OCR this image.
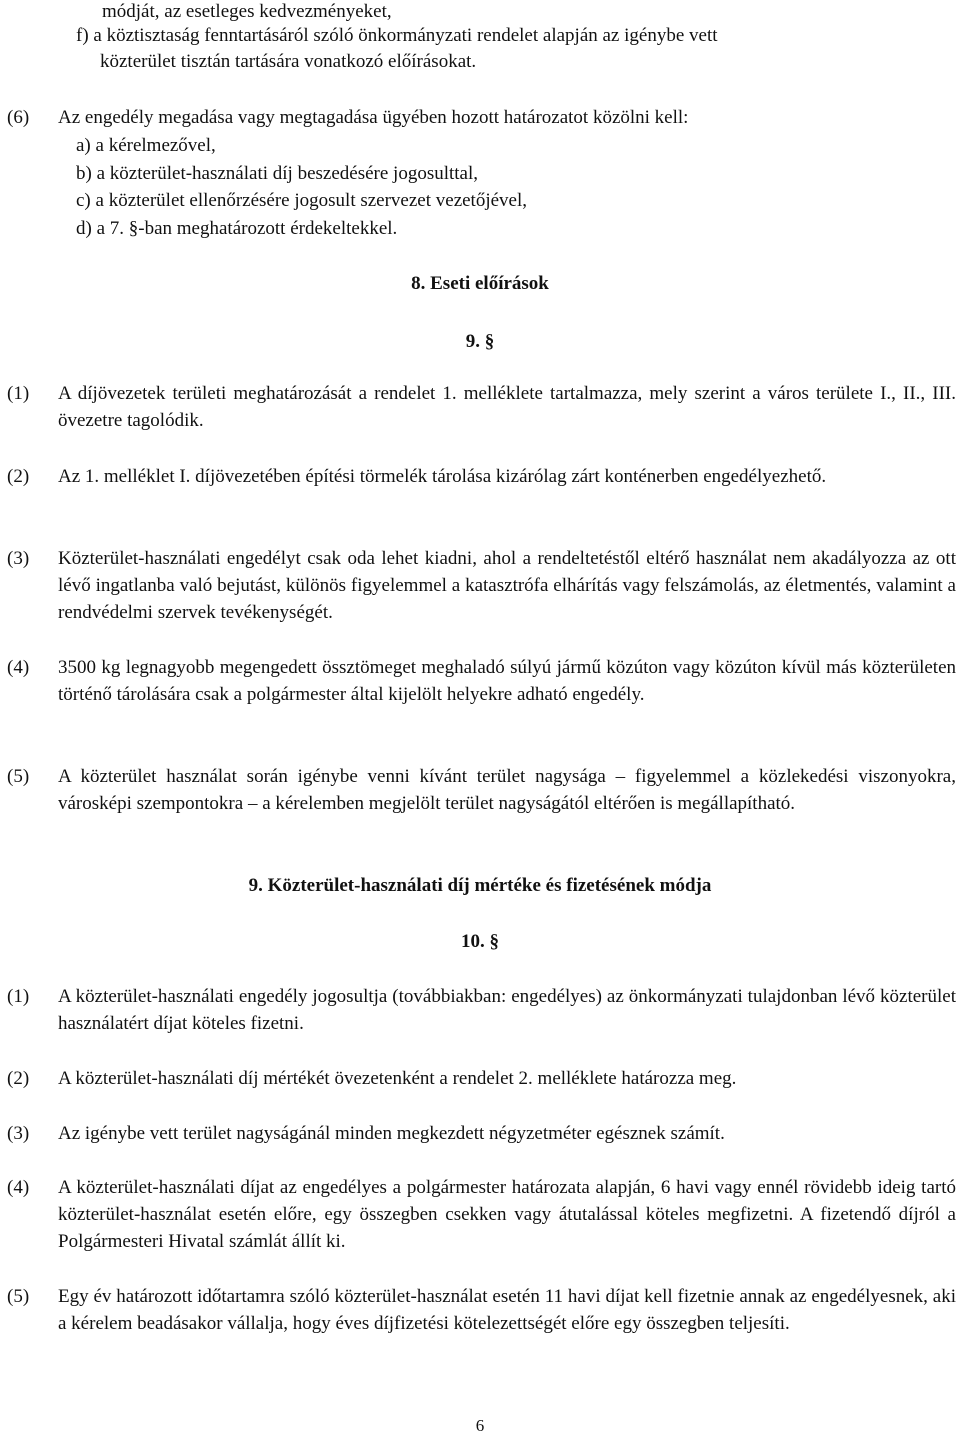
módját, az esetleges kedvezményeket,
f) a köztisztaság fenntartásáról szóló önkormányzati rendelet alapján az igénybe vett
közterület tisztán tartására vonatkozó előírásokat.
(6) Az engedély megadása vagy megtagadása ügyében hozott határozatot közölni kell:
a) a kérelmezővel,
b) a közterület-használati díj beszedésére jogosulttal,
c) a közterület ellenőrzésére jogosult szervezet vezetőjével,
d) a 7. §-ban meghatározott érdekeltekkel.
8. Eseti előírások
9. §
(1) A díjövezetek területi meghatározását a rendelet 1. melléklete tartalmazza, mely szerint a város területe I., II., III. övezetre tagolódik.
(2) Az 1. melléklet I. díjövezetében építési törmelék tárolása kizárólag zárt konténerben engedélyezhető.
(3) Közterület-használati engedélyt csak oda lehet kiadni, ahol a rendeltetéstől eltérő használat nem akadályozza az ott lévő ingatlanba való bejutást, különös figyelemmel a katasztrófa elhárítás vagy felszámolás, az életmentés, valamint a rendvédelmi szervek tevékenységét.
(4) 3500 kg legnagyobb megengedett össztömeget meghaladó súlyú jármű közúton vagy közúton kívül más közterületen történő tárolására csak a polgármester által kijelölt helyekre adható engedély.
(5) A közterület használat során igénybe venni kívánt terület nagysága – figyelemmel a közlekedési viszonyokra, városképi szempontokra – a kérelemben megjelölt terület nagyságától eltérően is megállapítható.
9. Közterület-használati díj mértéke és fizetésének módja
10. §
(1) A közterület-használati engedély jogosultja (továbbiakban: engedélyes) az önkormányzati tulajdonban lévő közterület használatért díjat köteles fizetni.
(2) A közterület-használati díj mértékét övezetenként a rendelet 2. melléklete határozza meg.
(3) Az igénybe vett terület nagyságánál minden megkezdett négyzetméter egésznek számít.
(4) A közterület-használati díjat az engedélyes a polgármester határozata alapján, 6 havi vagy ennél rövidebb ideig tartó közterület-használat esetén előre, egy összegben csekken vagy átutalással köteles megfizetni. A fizetendő díjról a Polgármesteri Hivatal számlát állít ki.
(5) Egy év határozott időtartamra szóló közterület-használat esetén 11 havi díjat kell fizetnie annak az engedélyesnek, aki a kérelem beadásakor vállalja, hogy éves díjfizetési kötelezettségét előre egy összegben teljesíti.
6
